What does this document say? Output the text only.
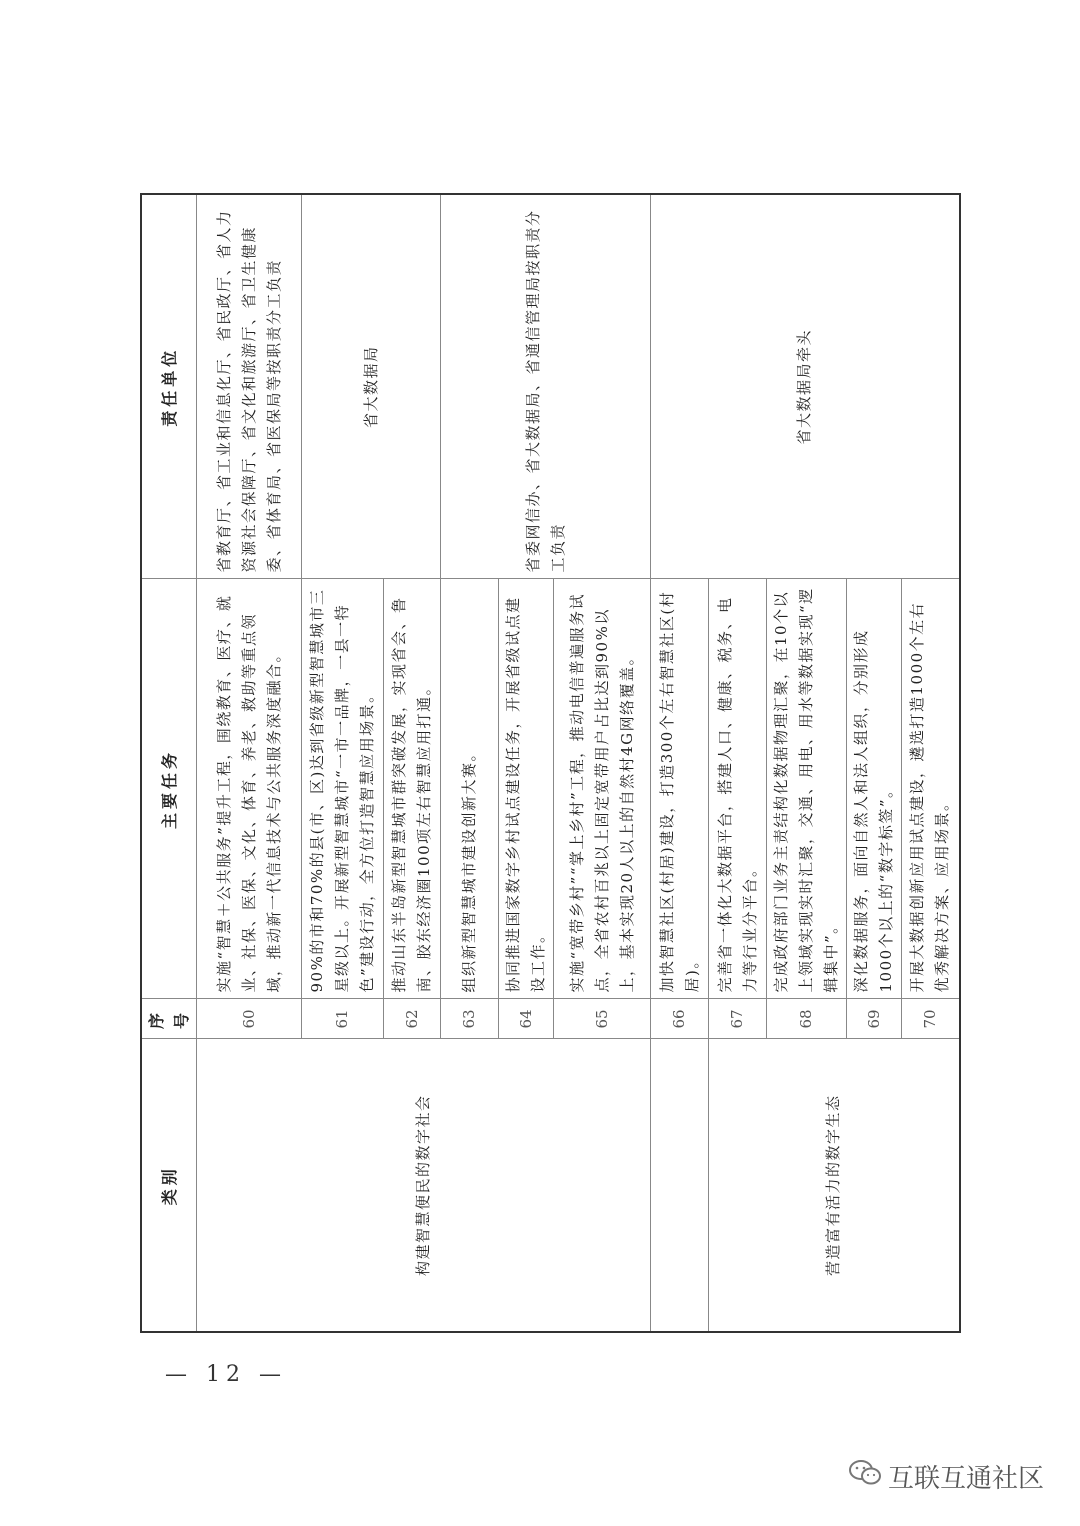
类别	序号	主要任务	责任单位
构建智慧便民的数字社会	60	实施“智慧＋公共服务”提升工程，围绕教育、医疗、就业、社保、医保、文化、体育、养老、救助等重点领域，推动新一代信息技术与公共服务深度融合。	省教育厅、省工业和信息化厅、省民政厅、省人力资源社会保障厅、省文化和旅游厅、省卫生健康委、省体育局、省医保局等按职责分工负责
	61	90%的市和70%的县(市、区)达到省级新型智慧城市三星级以上。开展新型智慧城市“一市一品牌，一县一特色”建设行动，全方位打造智慧应用场景。	省大数据局
	62	推动山东半岛新型智慧城市群突破发展，实现省会、鲁南、胶东经济圈100项左右智慧应用打通。	
	63	组织新型智慧城市建设创新大赛。	省委网信办、省大数据局、省通信管理局按职责分工负责
	64	协同推进国家数字乡村试点建设任务，开展省级试点建设工作。	
	65	实施“宽带乡村”“掌上乡村”工程，推动电信普遍服务试点，全省农村百兆以上固定宽带用户占比达到90%以上，基本实现20人以上的自然村4G网络覆盖。	
	66	加快智慧社区(村居)建设，打造300个左右智慧社区(村居)。	省大数据局牵头
营造富有活力的数字生态	67	完善省一体化大数据平台，搭建人口、健康、税务、电力等行业分平台。	
	68	完成政府部门业务主责结构化数据物理汇聚，在10个以上领域实现实时汇聚，交通、用电、用水等数据实现“逻辑集中”。	
	69	深化数据服务，面向自然人和法人组织，分别形成1000个以上的“数字标签”。	
	70	开展大数据创新应用试点建设，遴选打造1000个左右优秀解决方案、应用场景。	
— 12 —
互联互通社区
